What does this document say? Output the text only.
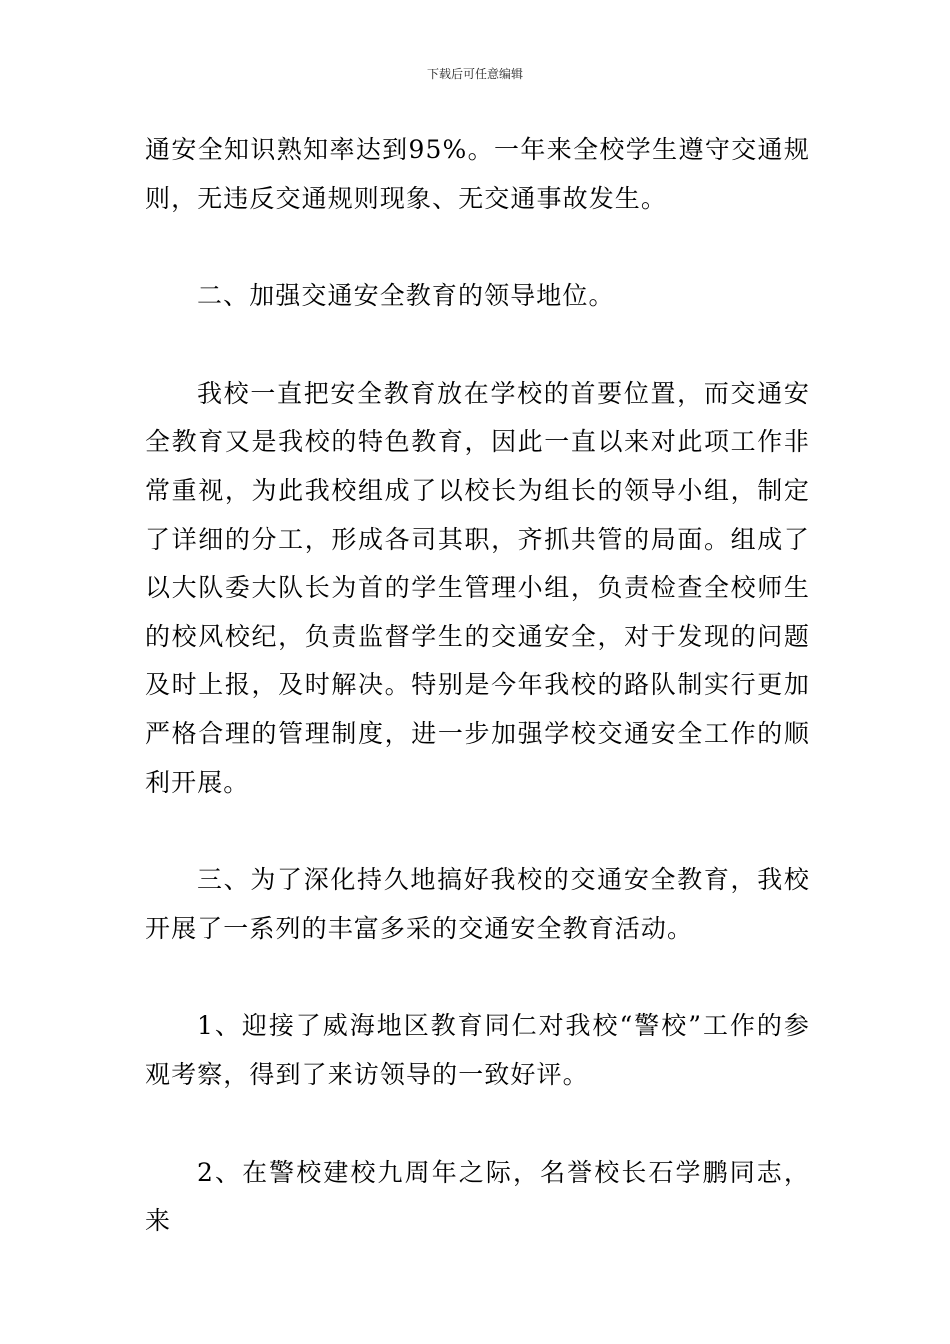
下载后可任意编辑

通安全知识熟知率达到95%。一年来全校学生遵守交通规则，无违反交通规则现象、无交通事故发生。

二、加强交通安全教育的领导地位。

我校一直把安全教育放在学校的首要位置，而交通安全教育又是我校的特色教育，因此一直以来对此项工作非常重视，为此我校组成了以校长为组长的领导小组，制定了详细的分工，形成各司其职，齐抓共管的局面。组成了以大队委大队长为首的学生管理小组，负责检查全校师生的校风校纪，负责监督学生的交通安全，对于发现的问题及时上报，及时解决。特别是今年我校的路队制实行更加严格合理的管理制度，进一步加强学校交通安全工作的顺利开展。

三、为了深化持久地搞好我校的交通安全教育，我校开展了一系列的丰富多采的交通安全教育活动。

1、迎接了威海地区教育同仁对我校“警校”工作的参观考察，得到了来访领导的一致好评。

2、在警校建校九周年之际，名誉校长石学鹏同志，来
